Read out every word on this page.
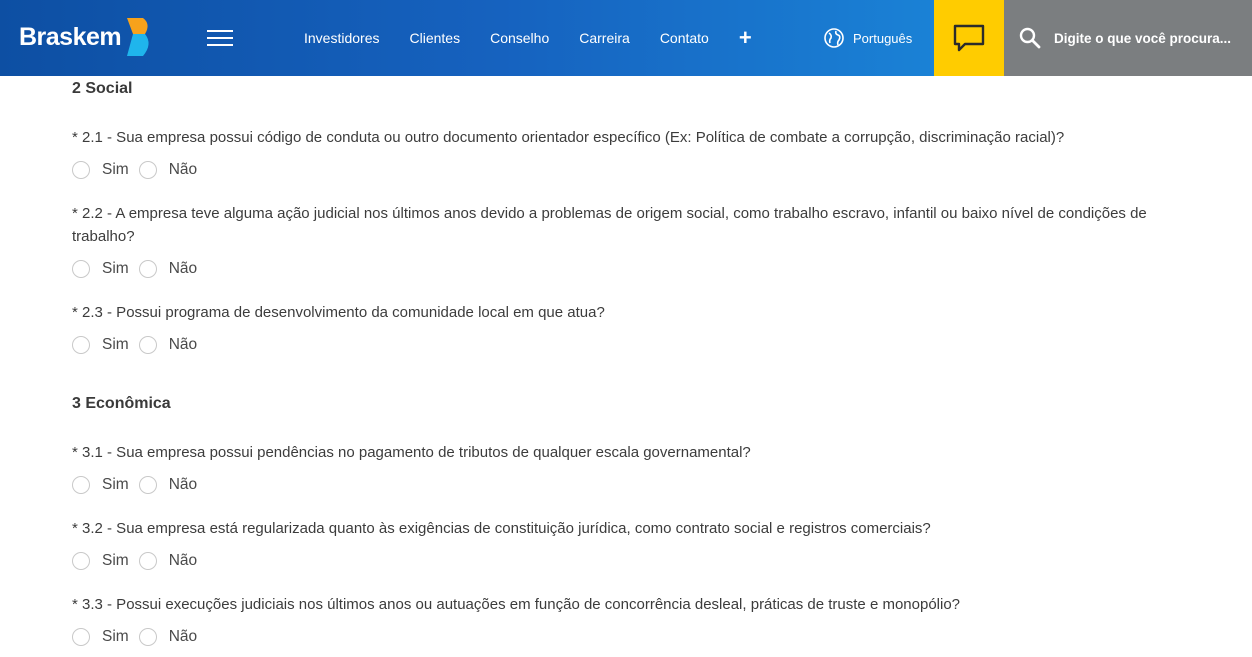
Braskem	Investidores Clientes Conselho Carreira Contato +	Português	Digite o que você procura...
2 Social
* 2.1 - Sua empresa possui código de conduta ou outro documento orientador específico (Ex: Política de combate a corrupção, discriminação racial)?
Sim	Não
* 2.2 - A empresa teve alguma ação judicial nos últimos anos devido a problemas de origem social, como trabalho escravo, infantil ou baixo nível de condições de trabalho?
Sim	Não
* 2.3 - Possui programa de desenvolvimento da comunidade local em que atua?
Sim	Não
3 Econômica
* 3.1 - Sua empresa possui pendências no pagamento de tributos de qualquer escala governamental?
Sim	Não
* 3.2 - Sua empresa está regularizada quanto às exigências de constituição jurídica, como contrato social e registros comerciais?
Sim	Não
* 3.3 - Possui execuções judiciais nos últimos anos ou autuações em função de concorrência desleal, práticas de truste e monopólio?
Sim	Não
